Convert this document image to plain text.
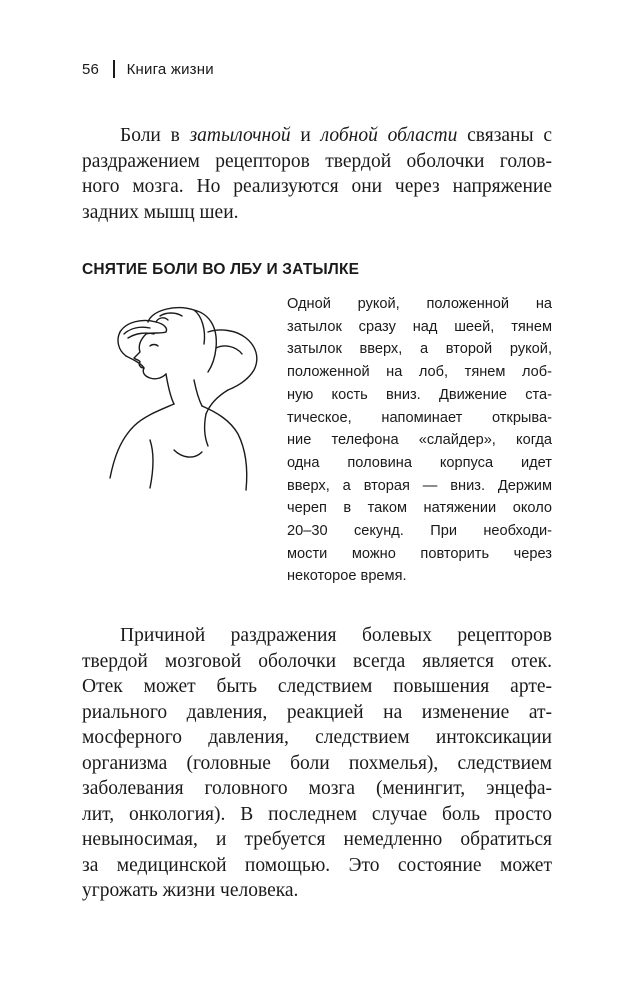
56 Книга жизни

Боли в затылочной и лобной области связаны с
раздражением рецепторов твердой оболочки голов-
ного мозга. Но реализуются они через напряжение
задних мышц шеи.

СНЯТИЕ БОЛИ ВО ЛБУ И ЗАТЫЛКЕ

Одной рукой, положенной на
затылок сразу над шеей, тянем
затылок вверх, а второй рукой,
положенной на лоб, тянем лоб-
ную кость вниз. Движение ста-
тическое, напоминает открыва-
ние телефона «слайдер», когда
одна половина корпуса идет
вверх, а вторая — вниз. Держим
череп в таком натяжении около
20–30 секунд. При необходи-
мости можно повторить через
некоторое время.

Причиной раздражения болевых рецепторов
твердой мозговой оболочки всегда является отек.
Отек может быть следствием повышения арте-
риального давления, реакцией на изменение ат-
мосферного давления, следствием интоксикации
организма (головные боли похмелья), следствием
заболевания головного мозга (менингит, энцефа-
лит, онкология). В последнем случае боль просто
невыносимая, и требуется немедленно обратиться
за медицинской помощью. Это состояние может
угрожать жизни человека.
